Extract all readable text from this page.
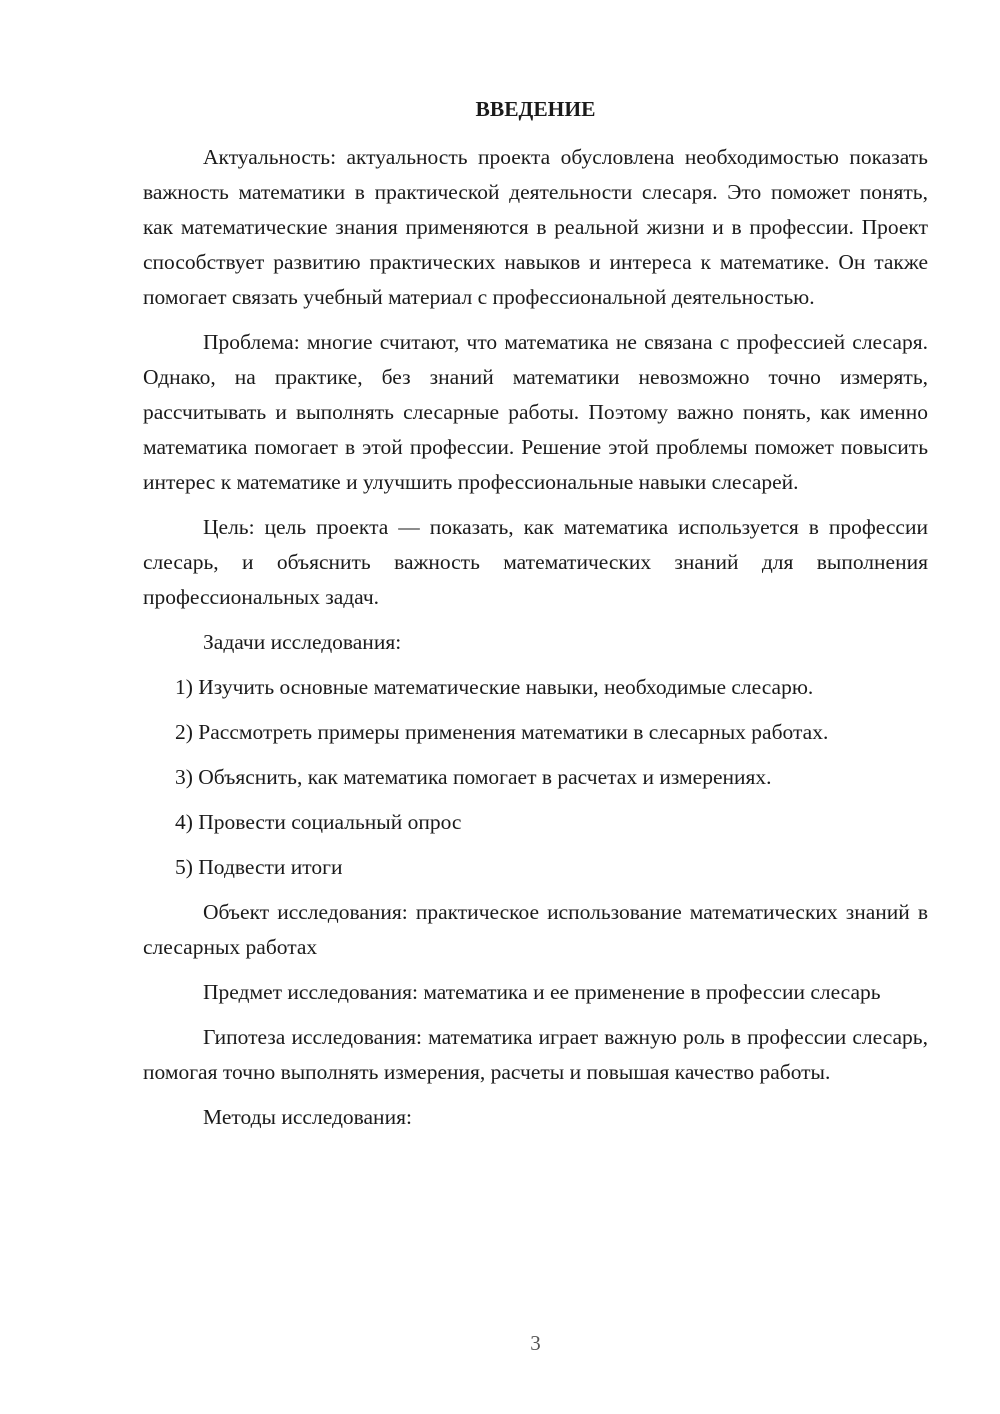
ВВЕДЕНИЕ

Актуальность: актуальность проекта обусловлена необходимостью показать важность математики в практической деятельности слесаря. Это поможет понять, как математические знания применяются в реальной жизни и в профессии. Проект способствует развитию практических навыков и интереса к математике. Он также помогает связать учебный материал с профессиональной деятельностью.

Проблема: многие считают, что математика не связана с профессией слесаря. Однако, на практике, без знаний математики невозможно точно измерять, рассчитывать и выполнять слесарные работы. Поэтому важно понять, как именно математика помогает в этой профессии. Решение этой проблемы поможет повысить интерес к математике и улучшить профессиональные навыки слесарей.

Цель: цель проекта — показать, как математика используется в профессии слесарь, и объяснить важность математических знаний для выполнения профессиональных задач.

Задачи исследования:

1) Изучить основные математические навыки, необходимые слесарю.
2) Рассмотреть примеры применения математики в слесарных работах.
3) Объяснить, как математика помогает в расчетах и измерениях.
4) Провести социальный опрос
5) Подвести итоги

Объект исследования: практическое использование математических знаний в слесарных работах

Предмет исследования: математика и ее применение в профессии слесарь

Гипотеза исследования: математика играет важную роль в профессии слесарь, помогая точно выполнять измерения, расчеты и повышая качество работы.

Методы исследования:

3
